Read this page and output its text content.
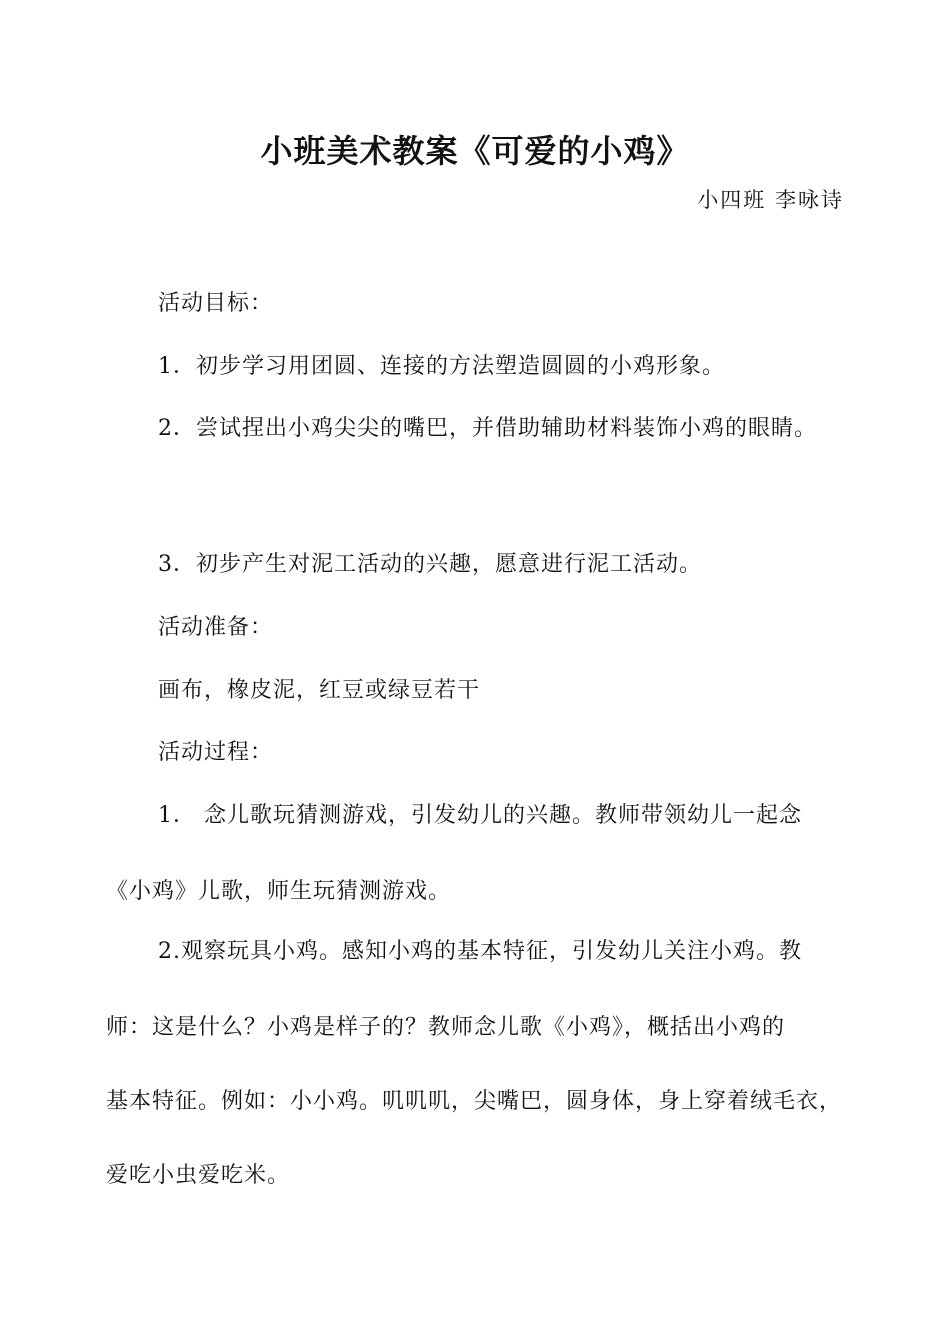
小班美术教案《可爱的小鸡》
小四班 李咏诗
活动目标：
1．初步学习用团圆、连接的方法塑造圆圆的小鸡形象。
2．尝试捏出小鸡尖尖的嘴巴，并借助辅助材料装饰小鸡的眼睛。
3．初步产生对泥工活动的兴趣，愿意进行泥工活动。
活动准备：
画布，橡皮泥，红豆或绿豆若干
活动过程：
1． 念儿歌玩猜测游戏，引发幼儿的兴趣。教师带领幼儿一起念
《小鸡》儿歌，师生玩猜测游戏。
2.观察玩具小鸡。感知小鸡的基本特征，引发幼儿关注小鸡。教
师：这是什么？小鸡是样子的？教师念儿歌《小鸡》，概括出小鸡的
基本特征。例如：小小鸡。叽叽叽，尖嘴巴，圆身体，身上穿着绒毛衣，
爱吃小虫爱吃米。
